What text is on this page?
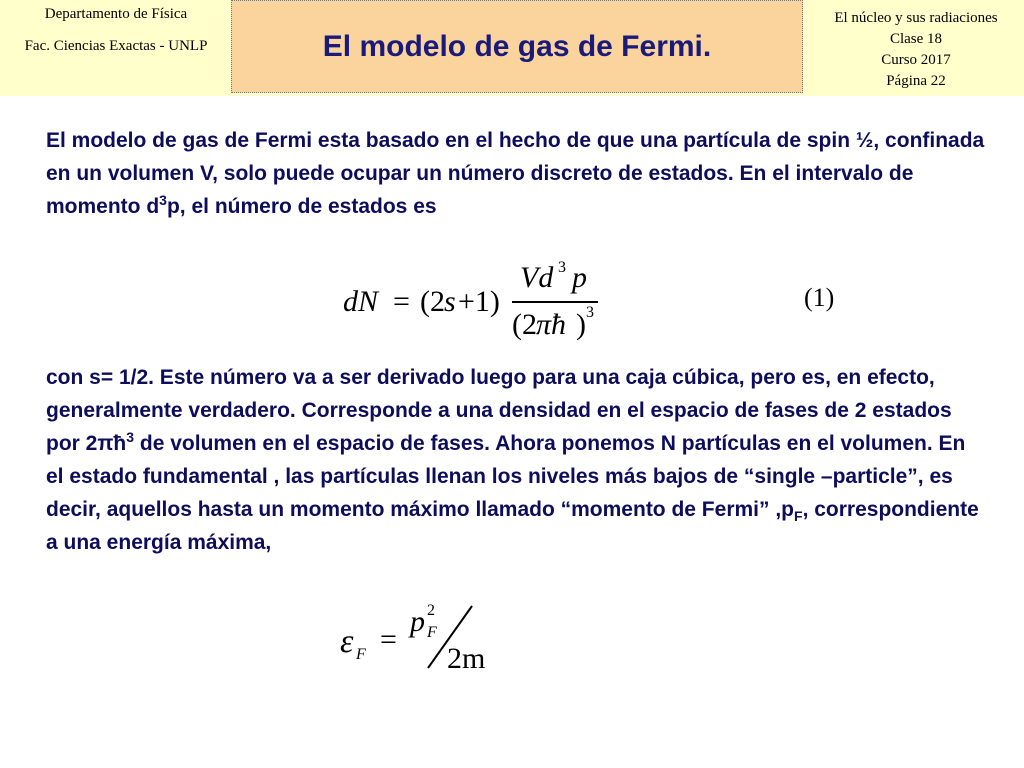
Departamento de Física
Fac. Ciencias Exactas - UNLP	El modelo de gas de Fermi.
El núcleo y sus radiaciones
Clase 18
Curso 2017
Página 22
El modelo de gas de Fermi esta basado en el hecho de que una partícula de spin ½, confinada en un volumen V, solo puede ocupar un número discreto de estados. En el intervalo de momento $d^3p$, el número de estados es
dN = (2 s +1)
Vd 3 p
(2 πħ ) 3
(1)
con s= 1/2. Este número va a ser derivado luego para una caja cúbica, pero es, en efecto, generalmente verdadero. Corresponde a una densidad en el espacio de fases de 2 estados por $2\pi ħ^3$ de volumen en el espacio de fases. Ahora ponemos N partículas en el volumen. En el estado fundamental , las partículas llenan los niveles más bajos de “single –particle”, es decir, aquellos hasta un momento máximo llamado “momento de Fermi” $,p_F$, correspondiente a una energía máxima,
ε F =
p 2
F
2m
